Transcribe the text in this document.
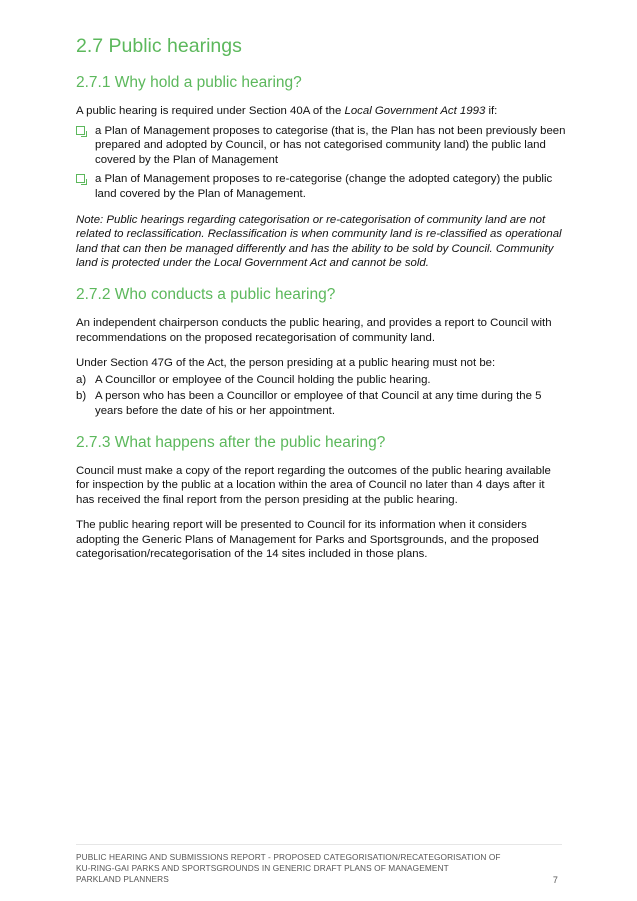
2.7 Public hearings
2.7.1 Why hold a public hearing?

A public hearing is required under Section 40A of the Local Government Act 1993 if:

a Plan of Management proposes to categorise (that is, the Plan has not been previously been prepared and adopted by Council, or has not categorised community land) the public land covered by the Plan of Management
a Plan of Management proposes to re-categorise (change the adopted category) the public land covered by the Plan of Management.

Note: Public hearings regarding categorisation or re-categorisation of community land are not related to reclassification. Reclassification is when community land is re-classified as operational land that can then be managed differently and has the ability to be sold by Council. Community land is protected under the Local Government Act and cannot be sold.

2.7.2 Who conducts a public hearing?

An independent chairperson conducts the public hearing, and provides a report to Council with recommendations on the proposed recategorisation of community land.

Under Section 47G of the Act, the person presiding at a public hearing must not be:

a) A Councillor or employee of the Council holding the public hearing.
b) A person who has been a Councillor or employee of that Council at any time during the 5 years before the date of his or her appointment.
2.7.3 What happens after the public hearing?

Council must make a copy of the report regarding the outcomes of the public hearing available for inspection by the public at a location within the area of Council no later than 4 days after it has received the final report from the person presiding at the public hearing.

The public hearing report will be presented to Council for its information when it considers adopting the Generic Plans of Management for Parks and Sportsgrounds, and the proposed categorisation/recategorisation of the 14 sites included in those plans.

PUBLIC HEARING AND SUBMISSIONS REPORT - PROPOSED CATEGORISATION/RECATEGORISATION OF
KU-RING-GAI PARKS AND SPORTSGROUNDS IN GENERIC DRAFT PLANS OF MANAGEMENT
PARKLAND PLANNERS	7
